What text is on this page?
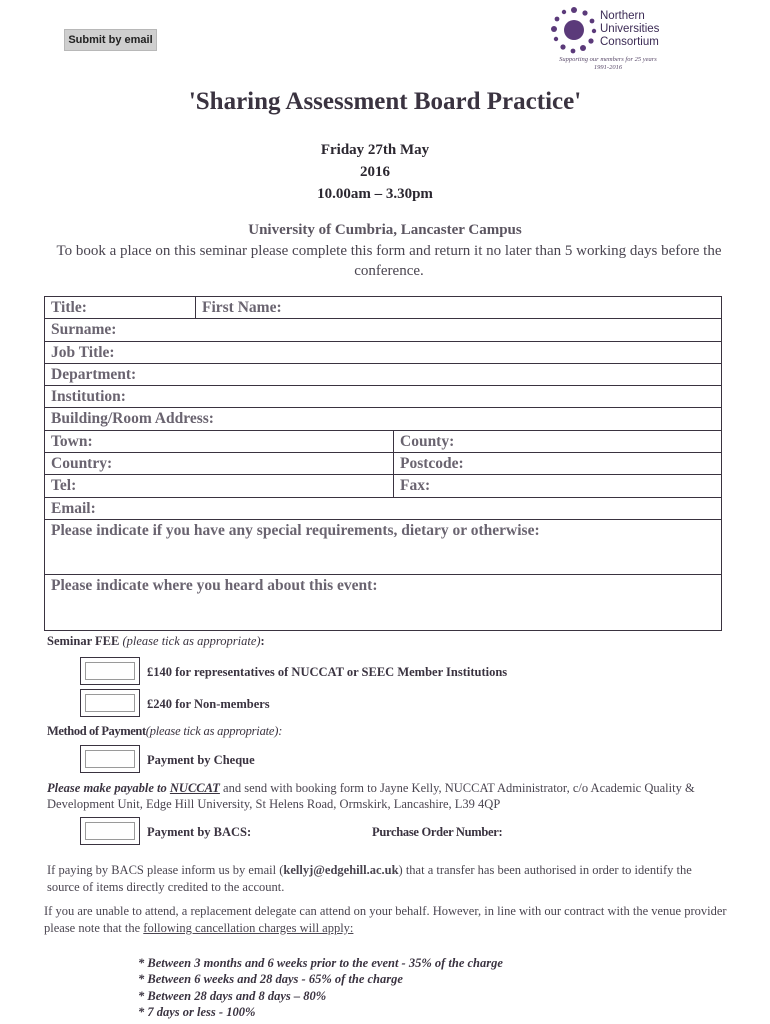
Submit by email
Northern
Universities
Consortium
Supporting our members for 25 years
1991-2016
'Sharing Assessment Board Practice'
Friday 27th May
2016
10.00am – 3.30pm
University of Cumbria, Lancaster Campus
To book a place on this seminar please complete this form and return it no later than 5 working days before the conference.
Title:	First Name:
Surname:
Job Title:
Department:
Institution:
Building/Room Address:
Town:	County:
Country:	Postcode:
Tel:	Fax:
Email:
Please indicate if you have any special requirements, dietary or otherwise:
Please indicate where you heard about this event:
Seminar FEE (please tick as appropriate):
£140 for representatives of NUCCAT or SEEC Member Institutions
£240 for Non-members
Method of Payment(please tick as appropriate):
Payment by Cheque
Please make payable to NUCCAT and send with booking form to Jayne Kelly, NUCCAT Administrator, c/o Academic Quality & Development Unit, Edge Hill University, St Helens Road, Ormskirk, Lancashire, L39 4QP
Payment by BACS:	Purchase Order Number:
If paying by BACS please inform us by email (kellyj@edgehill.ac.uk) that a transfer has been authorised in order to identify the source of items directly credited to the account.
If you are unable to attend, a replacement delegate can attend on your behalf. However, in line with our contract with the venue provider please note that the following cancellation charges will apply:
* Between 3 months and 6 weeks prior to the event - 35% of the charge
* Between 6 weeks and 28 days - 65% of the charge
* Between 28 days and 8 days – 80%
* 7 days or less - 100%
